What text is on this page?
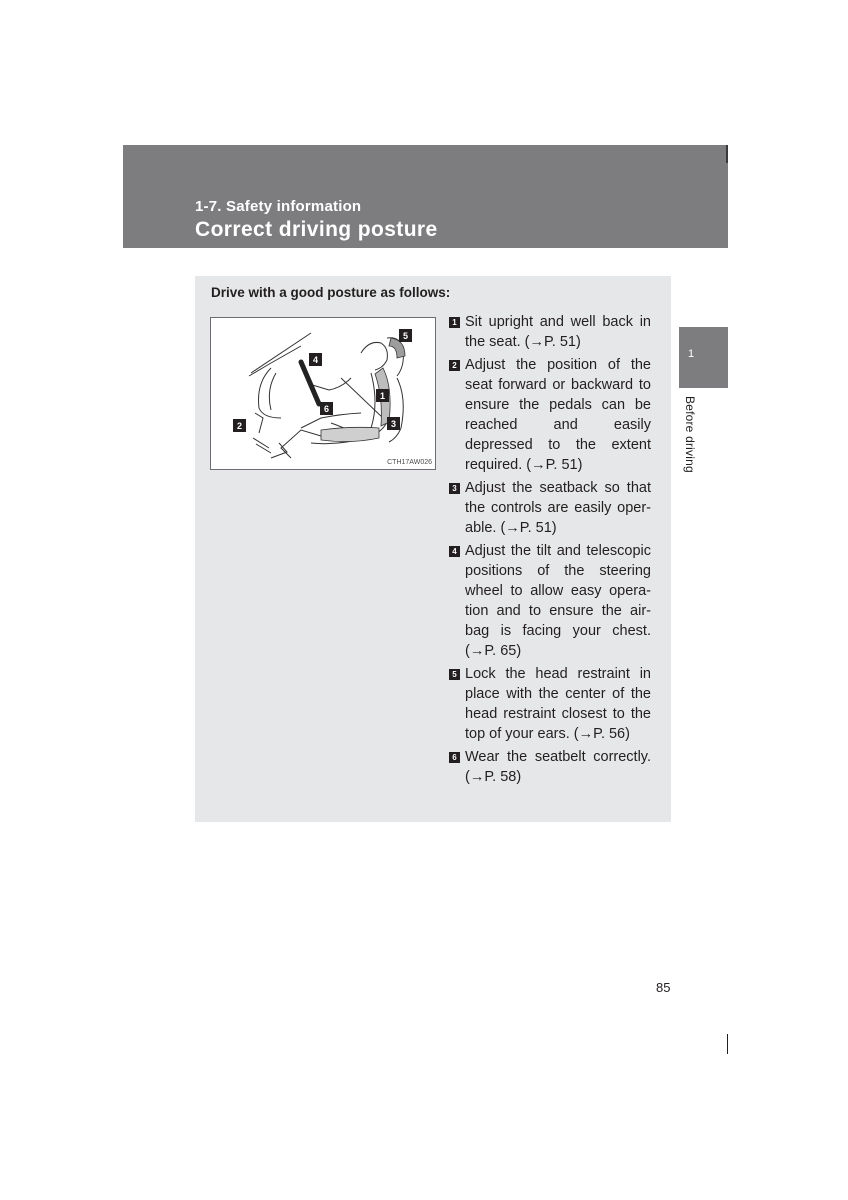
1-7. Safety information
Correct driving posture
Drive with a good posture as follows:
5
4
1
6
2	3
CTH17AW026
1 Sit upright and well back in the seat. (→P. 51)
2 Adjust the position of the seat forward or backward to ensure the pedals can be reached and easily depressed to the extent required. (→P. 51)
3 Adjust the seatback so that the controls are easily oper-able. (→P. 51)
4 Adjust the tilt and telescopic positions of the steering wheel to allow easy opera-tion and to ensure the air-bag is facing your chest. (→P. 65)
5 Lock the head restraint in place with the center of the head restraint closest to the top of your ears. (→P. 56)
6 Wear the seatbelt correctly. (→P. 58)
1
Before driving
85
